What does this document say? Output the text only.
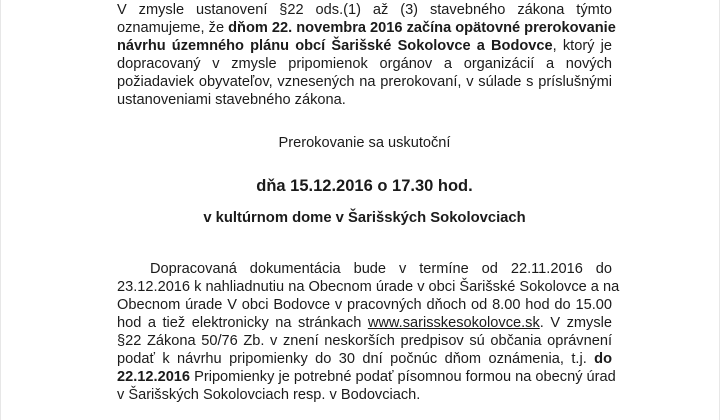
V zmysle ustanovení §22 ods.(1) až (3) stavebného zákona týmto
oznamujeme, že dňom 22. novembra 2016 začína opätovné prerokovanie
návrhu územného plánu obcí Šarišské Sokolovce a Bodovce, ktorý je
dopracovaný v zmysle pripomienok orgánov a organizácií a nových
požiadaviek obyvateľov, vznesených na prerokovaní, v súlade s príslušnými
ustanoveniami stavebného zákona.
Prerokovanie sa uskutoční
dňa 15.12.2016 o 17.30 hod.
v kultúrnom dome v Šarišských Sokolovciach
Dopracovaná dokumentácia bude v termíne od 22.11.2016 do
23.12.2016 k nahliadnutiu na Obecnom úrade v obci Šarišské Sokolovce a na
Obecnom úrade V obci Bodovce v pracovných dňoch od 8.00 hod do 15.00
hod a tiež elektronicky na stránkach www.sarisskesokolovce.sk. V zmysle
§22 Zákona 50/76 Zb. v znení neskorších predpisov sú občania oprávnení
podať k návrhu pripomienky do 30 dní počnúc dňom oznámenia, t.j. do
22.12.2016 Pripomienky je potrebné podať písomnou formou na obecný úrad
v Šarišských Sokolovciach resp. v Bodovciach.
